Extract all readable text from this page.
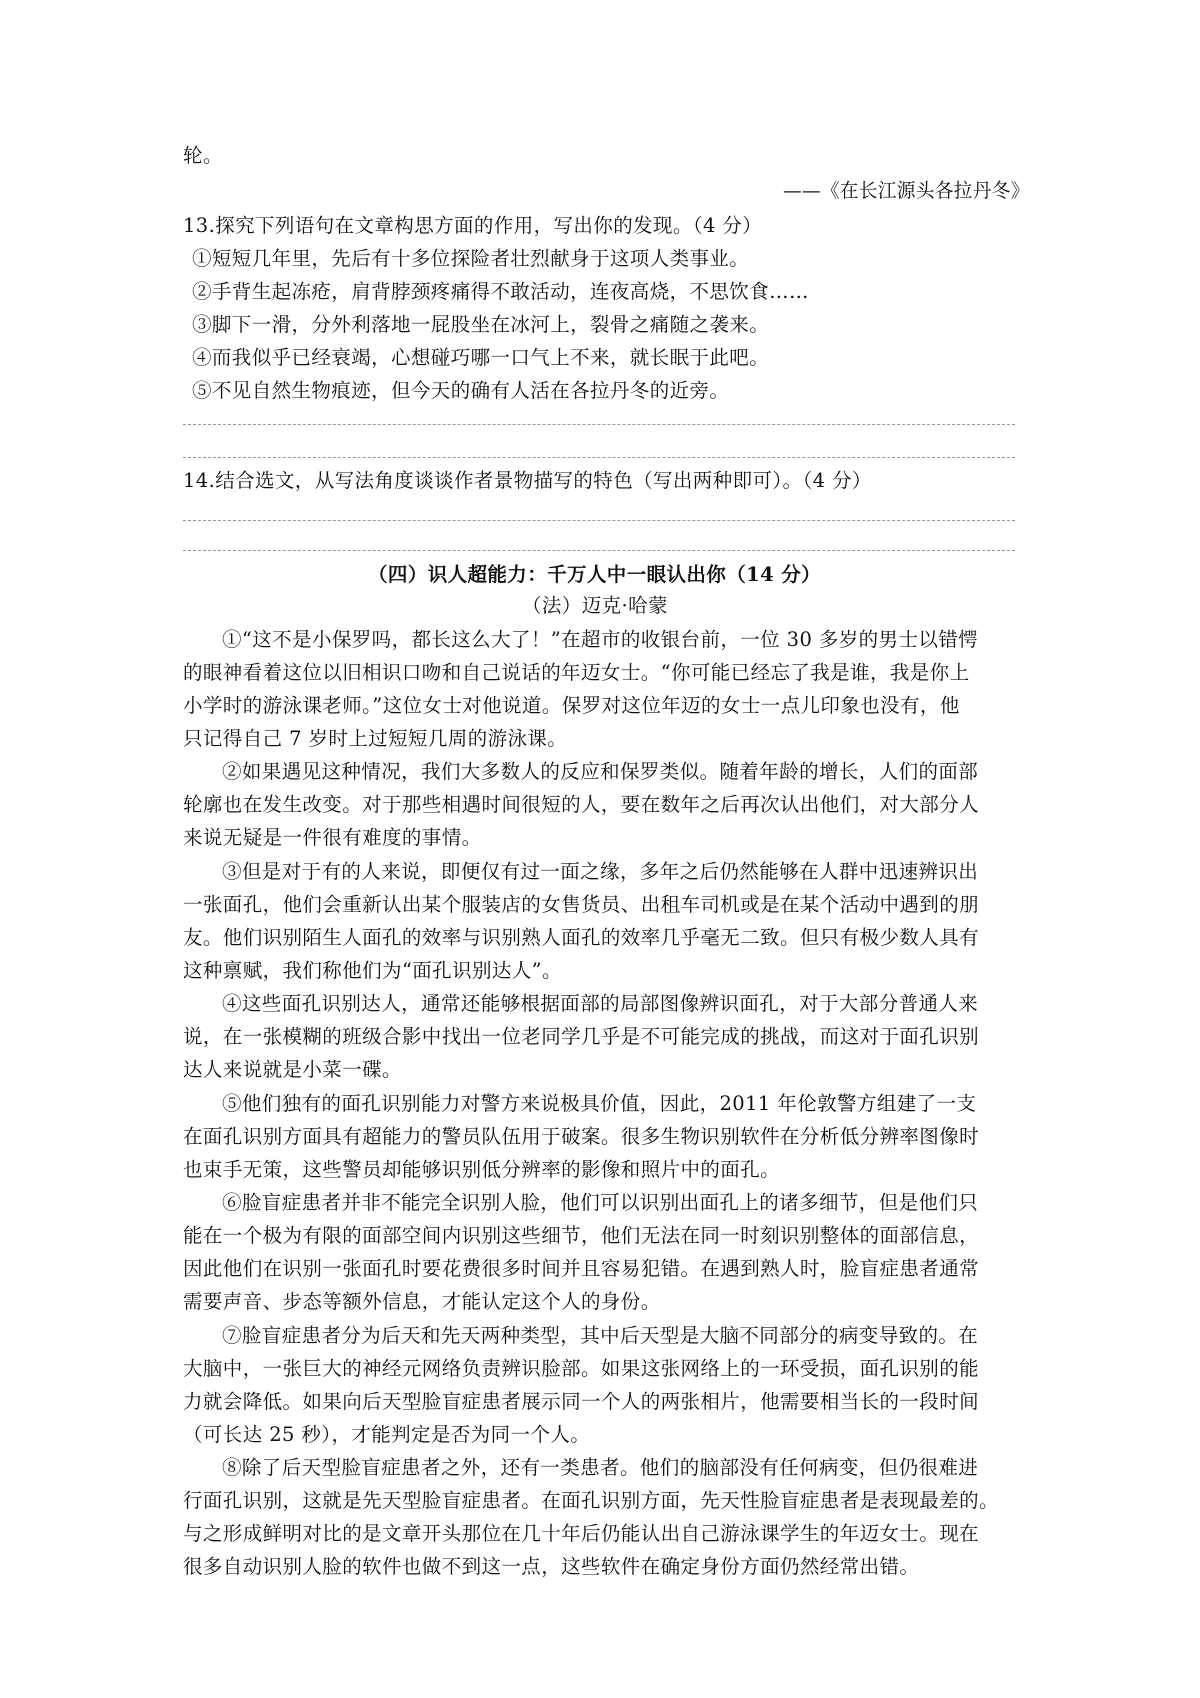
轮。
——《在长江源头各拉丹冬》
13.探究下列语句在文章构思方面的作用，写出你的发现。（4 分）
①短短几年里，先后有十多位探险者壮烈献身于这项人类事业。
②手背生起冻疮，肩背脖颈疼痛得不敢活动，连夜高烧，不思饮食……
③脚下一滑，分外利落地一屁股坐在冰河上，裂骨之痛随之袭来。
④而我似乎已经衰竭，心想碰巧哪一口气上不来，就长眠于此吧。
⑤不见自然生物痕迹，但今天的确有人活在各拉丹冬的近旁。
14.结合选文，从写法角度谈谈作者景物描写的特色（写出两种即可）。（4 分）
（四）识人超能力：千万人中一眼认出你（14 分）
（法）迈克·哈蒙
①“这不是小保罗吗，都长这么大了！”在超市的收银台前，一位 30 多岁的男士以错愕
的眼神看着这位以旧相识口吻和自己说话的年迈女士。“你可能已经忘了我是谁，我是你上
小学时的游泳课老师。”这位女士对他说道。保罗对这位年迈的女士一点儿印象也没有，他
只记得自己 7 岁时上过短短几周的游泳课。
②如果遇见这种情况，我们大多数人的反应和保罗类似。随着年龄的增长，人们的面部
轮廓也在发生改变。对于那些相遇时间很短的人，要在数年之后再次认出他们，对大部分人
来说无疑是一件很有难度的事情。
③但是对于有的人来说，即便仅有过一面之缘，多年之后仍然能够在人群中迅速辨识出
一张面孔，他们会重新认出某个服装店的女售货员、出租车司机或是在某个活动中遇到的朋
友。他们识别陌生人面孔的效率与识别熟人面孔的效率几乎毫无二致。但只有极少数人具有
这种禀赋，我们称他们为“面孔识别达人”。
④这些面孔识别达人，通常还能够根据面部的局部图像辨识面孔，对于大部分普通人来
说，在一张模糊的班级合影中找出一位老同学几乎是不可能完成的挑战，而这对于面孔识别
达人来说就是小菜一碟。
⑤他们独有的面孔识别能力对警方来说极具价值，因此，2011 年伦敦警方组建了一支
在面孔识别方面具有超能力的警员队伍用于破案。很多生物识别软件在分析低分辨率图像时
也束手无策，这些警员却能够识别低分辨率的影像和照片中的面孔。
⑥脸盲症患者并非不能完全识别人脸，他们可以识别出面孔上的诸多细节，但是他们只
能在一个极为有限的面部空间内识别这些细节，他们无法在同一时刻识别整体的面部信息，
因此他们在识别一张面孔时要花费很多时间并且容易犯错。在遇到熟人时，脸盲症患者通常
需要声音、步态等额外信息，才能认定这个人的身份。
⑦脸盲症患者分为后天和先天两种类型，其中后天型是大脑不同部分的病变导致的。在
大脑中，一张巨大的神经元网络负责辨识脸部。如果这张网络上的一环受损，面孔识别的能
力就会降低。如果向后天型脸盲症患者展示同一个人的两张相片，他需要相当长的一段时间
（可长达 25 秒），才能判定是否为同一个人。
⑧除了后天型脸盲症患者之外，还有一类患者。他们的脑部没有任何病变，但仍很难进
行面孔识别，这就是先天型脸盲症患者。在面孔识别方面，先天性脸盲症患者是表现最差的。
与之形成鲜明对比的是文章开头那位在几十年后仍能认出自己游泳课学生的年迈女士。现在
很多自动识别人脸的软件也做不到这一点，这些软件在确定身份方面仍然经常出错。
